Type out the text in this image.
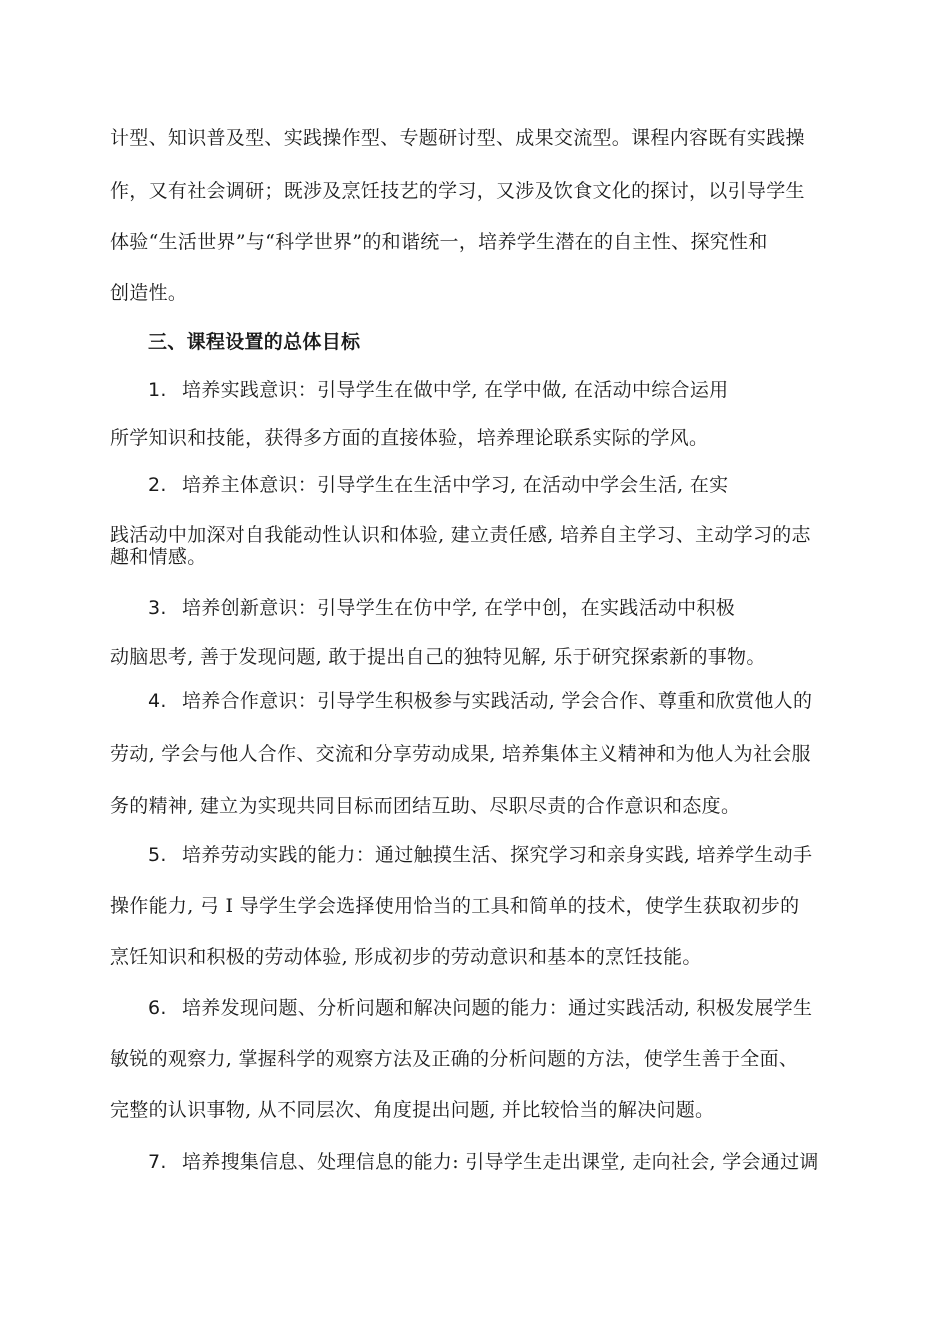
计型、知识普及型、实践操作型、专题研讨型、成果交流型。课程内容既有实践操
作，又有社会调研；既涉及烹饪技艺的学习，又涉及饮食文化的探讨，以引导学生
体验“生活世界”与“科学世界”的和谐统一，培养学生潜在的自主性、探究性和
创造性。
三、课程设置的总体目标
1. 培养实践意识：引导学生在做中学, 在学中做, 在活动中综合运用
所学知识和技能，获得多方面的直接体验，培养理论联系实际的学风。
2. 培养主体意识：引导学生在生活中学习, 在活动中学会生活, 在实
践活动中加深对自我能动性认识和体验, 建立责任感, 培养自主学习、主动学习的志
趣和情感。
3. 培养创新意识：引导学生在仿中学, 在学中创，在实践活动中积极
动脑思考, 善于发现问题, 敢于提出自己的独特见解, 乐于研究探索新的事物。
4. 培养合作意识：引导学生积极参与实践活动, 学会合作、尊重和欣赏他人的
劳动, 学会与他人合作、交流和分享劳动成果, 培养集体主义精神和为他人为社会服
务的精神, 建立为实现共同目标而团结互助、尽职尽责的合作意识和态度。
5. 培养劳动实践的能力：通过触摸生活、探究学习和亲身实践, 培养学生动手
操作能力, 弓 I 导学生学会选择使用恰当的工具和简单的技术，使学生获取初步的
烹饪知识和积极的劳动体验, 形成初步的劳动意识和基本的烹饪技能。
6. 培养发现问题、分析问题和解决问题的能力：通过实践活动, 积极发展学生
敏锐的观察力, 掌握科学的观察方法及正确的分析问题的方法，使学生善于全面、
完整的认识事物, 从不同层次、角度提出问题, 并比较恰当的解决问题。
7. 培养搜集信息、处理信息的能力: 引导学生走出课堂, 走向社会, 学会通过调
